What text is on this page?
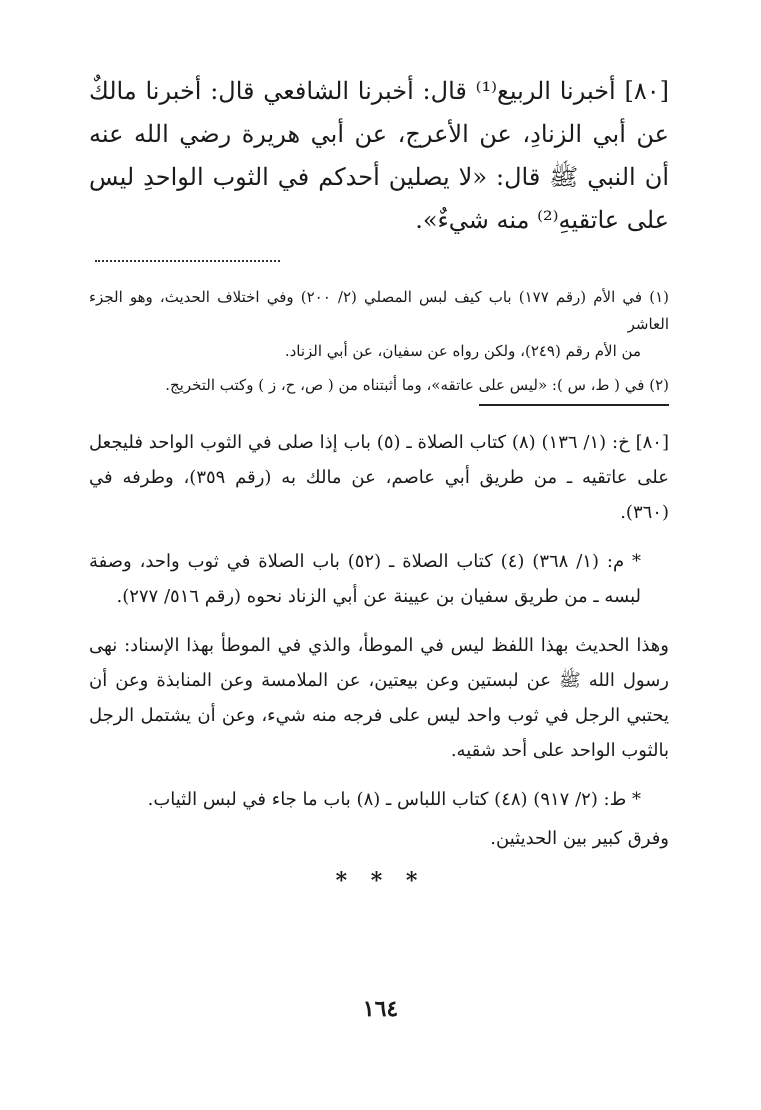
[٨٠] أخبرنا الربيع⁽¹⁾ قال: أخبرنا الشافعي قال: أخبرنا مالكٌ عن أبي الزنادِ، عن الأعرج، عن أبي هريرة رضي الله عنه أن النبي ﷺ قال: «لا يصلين أحدكم في الثوب الواحدِ ليس على عاتقيهِ⁽²⁾ منه شيءٌ».

(١) في الأم (رقم ١٧٧) باب كيف لبس المصلي (٢/ ٢٠٠) وفي اختلاف الحديث، وهو الجزء العاشر
من الأم رقم (٢٤٩)، ولكن رواه عن سفيان، عن أبي الزناد.

(٢) في ( ط، س ): «ليس على عاتقه»، وما أثبتناه من ( ص، ح، ز ) وكتب التخريج.

[٨٠] خ: (١/ ١٣٦) (٨) كتاب الصلاة ـ (٥) باب إذا صلى في الثوب الواحد فليجعل على عاتقيه ـ من طريق أبي عاصم، عن مالك به (رقم ٣٥٩)، وطرفه في (٣٦٠).

* م: (١/ ٣٦٨) (٤) كتاب الصلاة ـ (٥٢) باب الصلاة في ثوب واحد، وصفة لبسه ـ من طريق سفيان بن عيينة عن أبي الزناد نحوه (رقم ٥١٦/ ٢٧٧).

وهذا الحديث بهذا اللفظ ليس في الموطأ، والذي في الموطأ بهذا الإسناد: نهى رسول الله ﷺ عن لبستين وعن بيعتين، عن الملامسة وعن المنابذة وعن أن يحتبي الرجل في ثوب واحد ليس على فرجه منه شيء، وعن أن يشتمل الرجل بالثوب الواحد على أحد شقيه.

* ط: (٢/ ٩١٧) (٤٨) كتاب اللباس ـ (٨) باب ما جاء في لبس الثياب.

وفرق كبير بين الحديثين.

* * *
١٦٤
